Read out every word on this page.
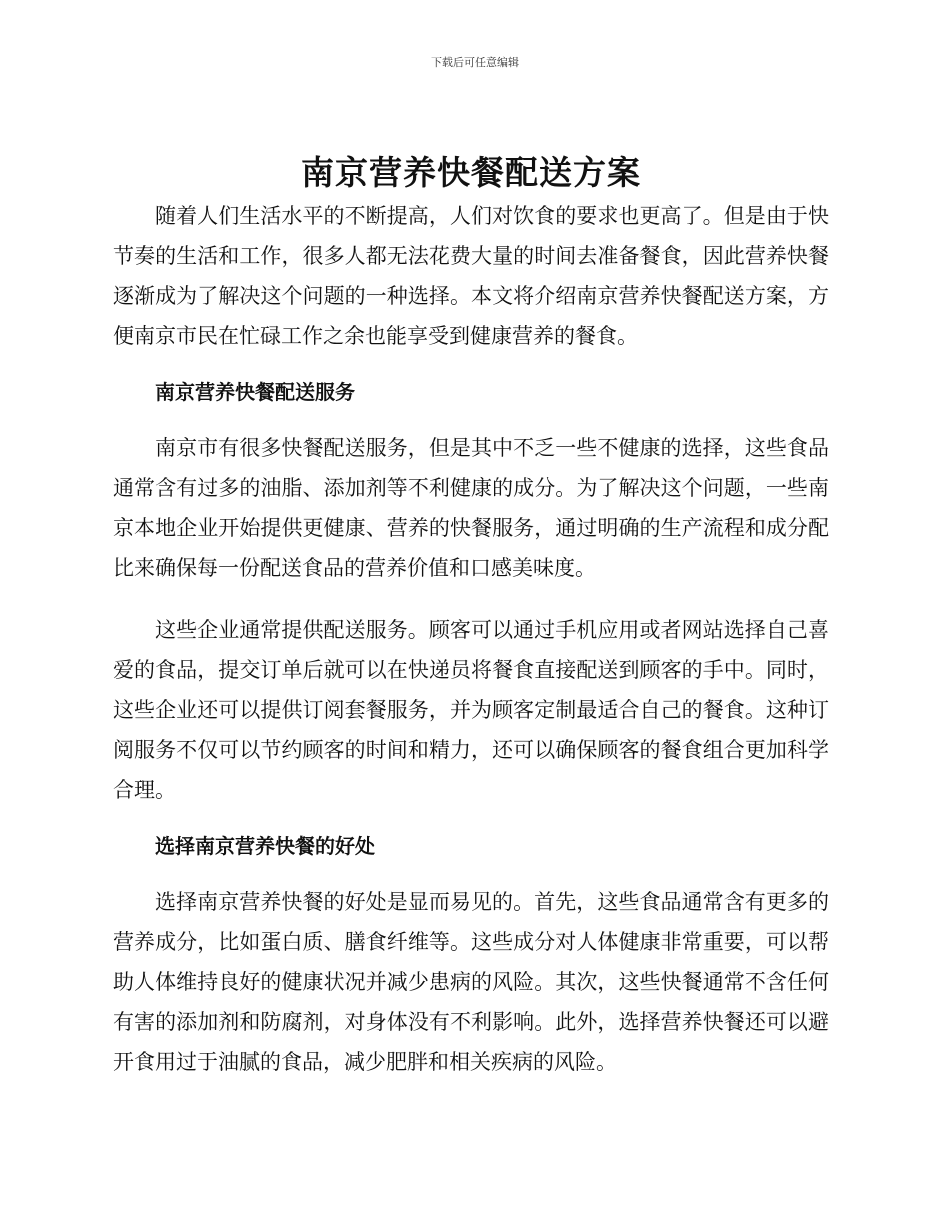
下载后可任意编辑
南京营养快餐配送方案

随着人们生活水平的不断提高，人们对饮食的要求也更高了。但是由于快节奏的生活和工作，很多人都无法花费大量的时间去准备餐食，因此营养快餐逐渐成为了解决这个问题的一种选择。本文将介绍南京营养快餐配送方案，方便南京市民在忙碌工作之余也能享受到健康营养的餐食。

南京营养快餐配送服务

南京市有很多快餐配送服务，但是其中不乏一些不健康的选择，这些食品通常含有过多的油脂、添加剂等不利健康的成分。为了解决这个问题，一些南京本地企业开始提供更健康、营养的快餐服务，通过明确的生产流程和成分配比来确保每一份配送食品的营养价值和口感美味度。

这些企业通常提供配送服务。顾客可以通过手机应用或者网站选择自己喜爱的食品，提交订单后就可以在快递员将餐食直接配送到顾客的手中。同时，这些企业还可以提供订阅套餐服务，并为顾客定制最适合自己的餐食。这种订阅服务不仅可以节约顾客的时间和精力，还可以确保顾客的餐食组合更加科学合理。

选择南京营养快餐的好处

选择南京营养快餐的好处是显而易见的。首先，这些食品通常含有更多的营养成分，比如蛋白质、膳食纤维等。这些成分对人体健康非常重要，可以帮助人体维持良好的健康状况并减少患病的风险。其次，这些快餐通常不含任何有害的添加剂和防腐剂，对身体没有不利影响。此外，选择营养快餐还可以避开食用过于油腻的食品，减少肥胖和相关疾病的风险。
